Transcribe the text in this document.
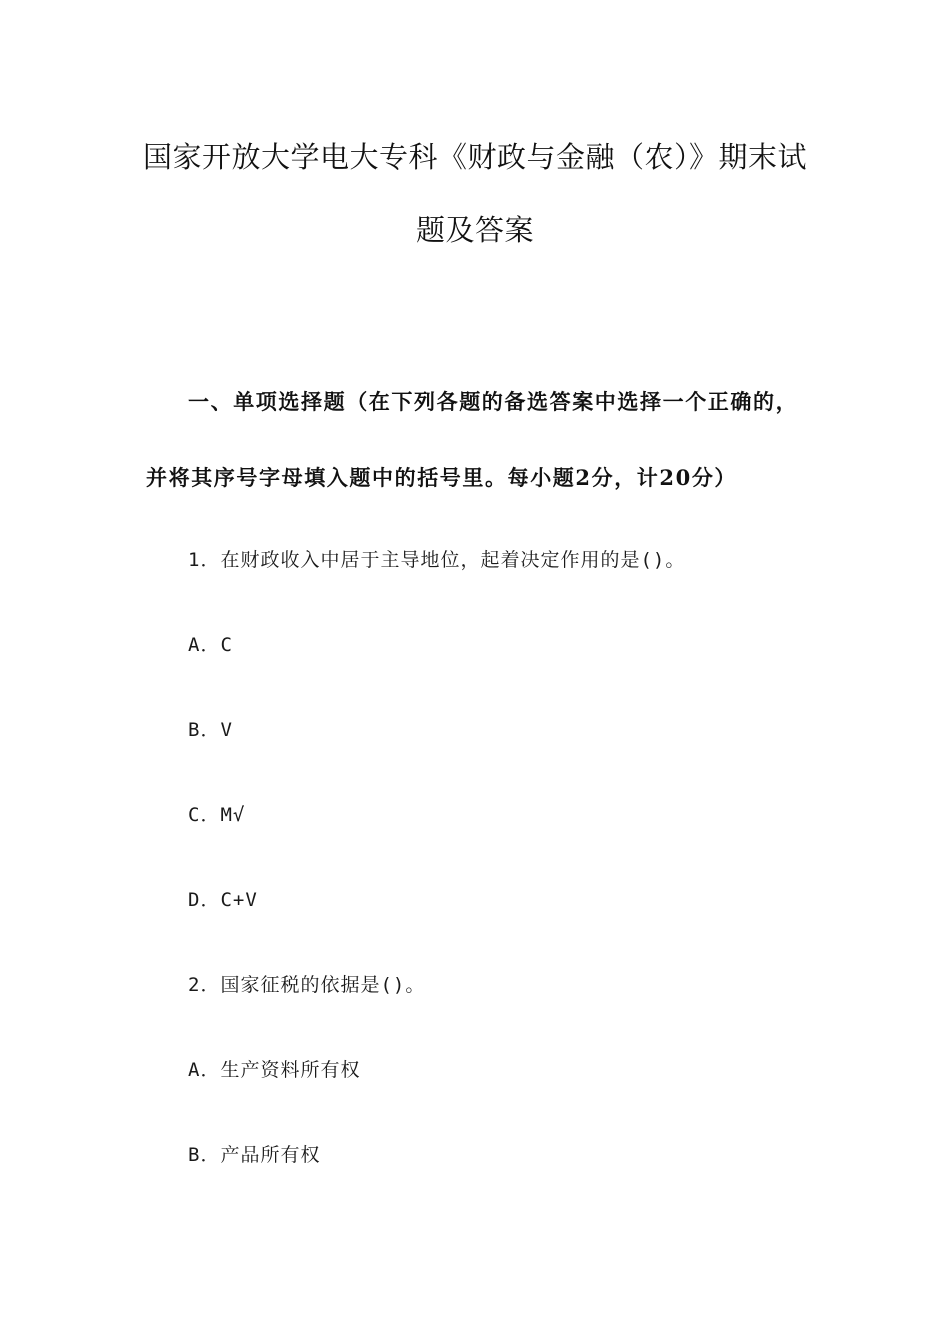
国家开放大学电大专科《财政与金融（农）》期末试
题及答案
一、单项选择题（在下列各题的备选答案中选择一个正确的，
并将其序号字母填入题中的括号里。每小题2分，计20分）
1．在财政收入中居于主导地位，起着决定作用的是()。
A．C
B．V
C．M√
D．C+V
2．国家征税的依据是()。
A．生产资料所有权
B．产品所有权
